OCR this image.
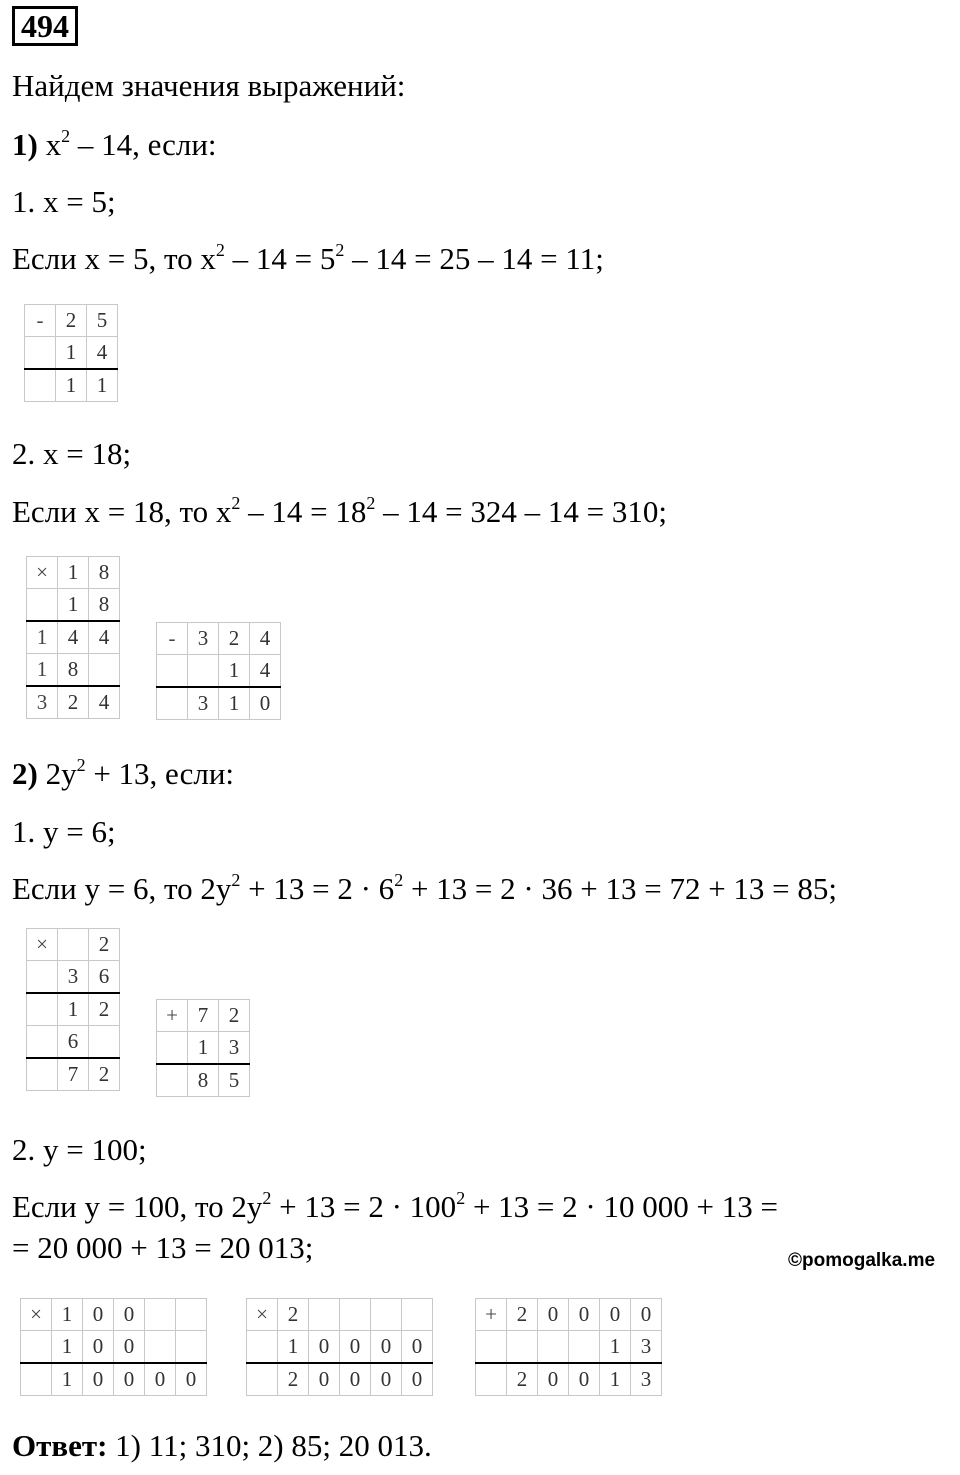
494
Найдем значения выражений:
1) $x^2 - 14$, если:
1. x = 5;
Если x = 5, то $x^2 - 14 = 5^2 - 14 = 25 - 14 = 11$;
2. x = 18;
Если x = 18, то $x^2 - 14 = 18^2 - 14 = 324 - 14 = 310$;
2) $2y^2 + 13$, если:
1. y = 6;
Если y = 6, то $2y^2 + 13 = 2 \cdot 6^2 + 13 = 2 \cdot 36 + 13 = 72 + 13 = 85$;
2. y = 100;
Если y = 100, то $2y^2 + 13 = 2 \cdot 100^2 + 13 = 2 \cdot 10$ 000 + 13 =
= 20 000 + 13 = 20 013;	©pomogalka.me
Ответ: 1) 11; 310; 2) 85; 20 013.
-	2	5
	1	4
	1	1
×	1	8
	1	8
1	4	4
1	8	
3	2	4
-	3	2	4
		1	4
	3	1	0
×		2
	3	6
	1	2
	6	
	7	2
+	7	2
	1	3
	8	5
×	1	0	0		
	1	0	0		
	1	0	0	0	0
×	2				
	1	0	0	0	0
	2	0	0	0	0
+	2	0	0	0	0
				1	3
	2	0	0	1	3
